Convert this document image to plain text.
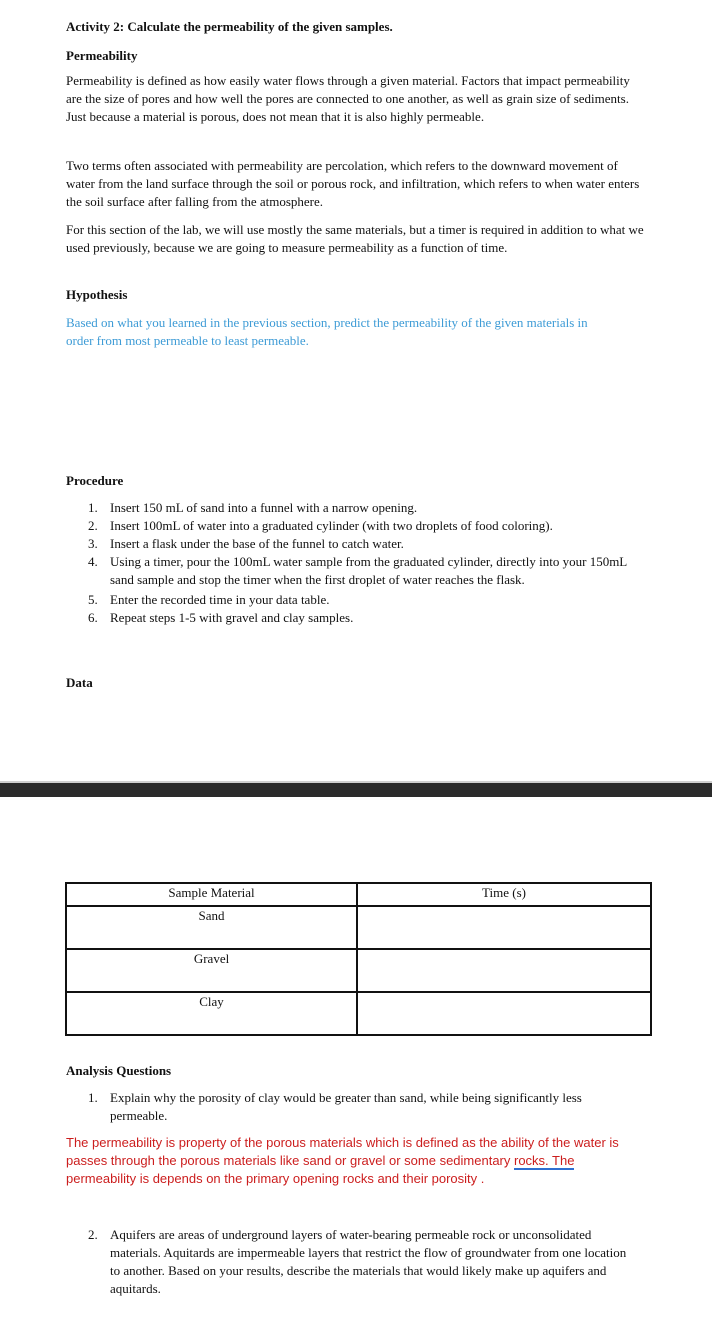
Activity 2: Calculate the permeability of the given samples.
Permeability
Permeability is defined as how easily water flows through a given material. Factors that impact permeability are the size of pores and how well the pores are connected to one another, as well as grain size of sediments. Just because a material is porous, does not mean that it is also highly permeable.
Two terms often associated with permeability are percolation, which refers to the downward movement of water from the land surface through the soil or porous rock, and infiltration, which refers to when water enters the soil surface after falling from the atmosphere.
For this section of the lab, we will use mostly the same materials, but a timer is required in addition to what we used previously, because we are going to measure permeability as a function of time.
Hypothesis
Based on what you learned in the previous section, predict the permeability of the given materials in order from most permeable to least permeable.
Procedure
1. Insert 150 mL of sand into a funnel with a narrow opening.
2. Insert 100mL of water into a graduated cylinder (with two droplets of food coloring).
3. Insert a flask under the base of the funnel to catch water.
4. Using a timer, pour the 100mL water sample from the graduated cylinder, directly into your 150mL sand sample and stop the timer when the first droplet of water reaches the flask.
5. Enter the recorded time in your data table.
6. Repeat steps 1-5 with gravel and clay samples.
Data
Sample Material	Time (s)
Sand	
Gravel	
Clay	
Analysis Questions
1. Explain why the porosity of clay would be greater than sand, while being significantly less permeable.
The permeability is property of the porous materials which is defined as the ability of the water is passes through the porous materials like sand or gravel or some sedimentary rocks. The permeability is depends on the primary opening rocks and their porosity .
2. Aquifers are areas of underground layers of water-bearing permeable rock or unconsolidated materials. Aquitards are impermeable layers that restrict the flow of groundwater from one location to another. Based on your results, describe the materials that would likely make up aquifers and aquitards.
